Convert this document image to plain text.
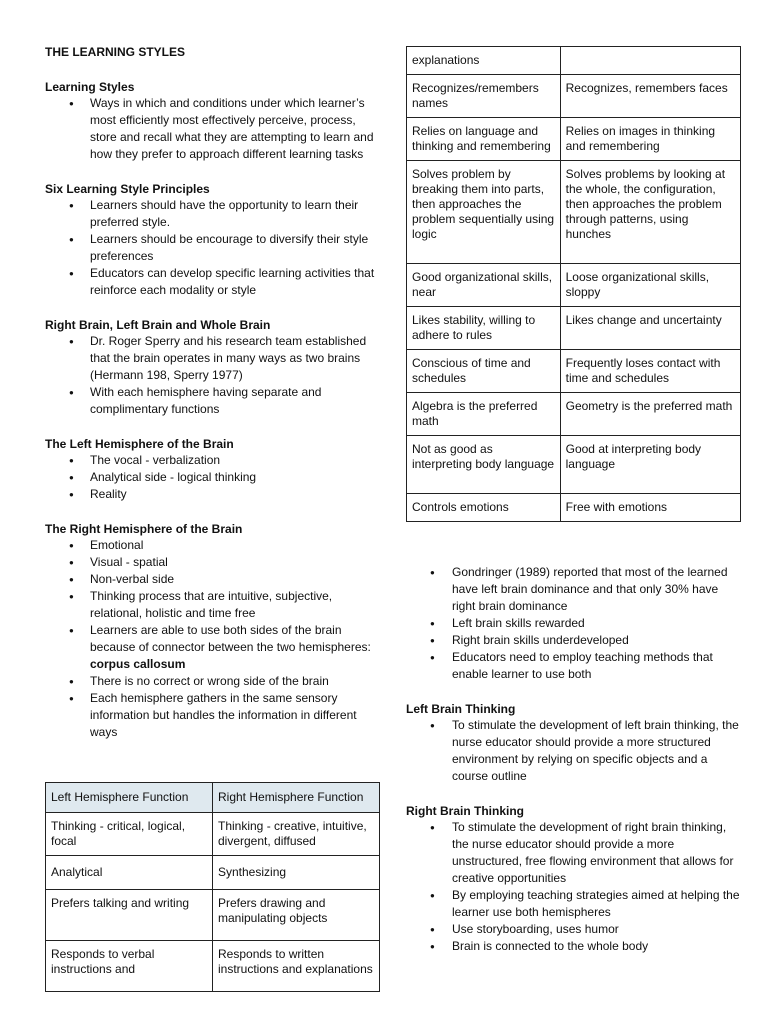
THE LEARNING STYLES
Learning Styles
● Ways in which and conditions under which learner’s most efficiently most effectively perceive, process, store and recall what they are attempting to learn and how they prefer to approach different learning tasks
Six Learning Style Principles
● Learners should have the opportunity to learn their preferred style.
● Learners should be encourage to diversify their style preferences
● Educators can develop specific learning activities that reinforce each modality or style
Right Brain, Left Brain and Whole Brain
● Dr. Roger Sperry and his research team established that the brain operates in many ways as two brains (Hermann 198, Sperry 1977)
● With each hemisphere having separate and complimentary functions
The Left Hemisphere of the Brain
● The vocal - verbalization
● Analytical side - logical thinking
● Reality
The Right Hemisphere of the Brain
● Emotional
● Visual - spatial
● Non-verbal side
● Thinking process that are intuitive, subjective, relational, holistic and time free
● Learners are able to use both sides of the brain because of connector between the two hemispheres: corpus callosum
● There is no correct or wrong side of the brain
● Each hemisphere gathers in the same sensory information but handles the information in different ways
Left Hemisphere Function	Right Hemisphere Function
Thinking - critical, logical, focal	Thinking - creative, intuitive, divergent, diffused
Analytical	Synthesizing
Prefers talking and writing	Prefers drawing and manipulating objects
Responds to verbal instructions and	Responds to written instructions and explanations
explanations	
Recognizes/remembers names	Recognizes, remembers faces
Relies on language and thinking and remembering	Relies on images in thinking and remembering
Solves problem by breaking them into parts, then approaches the problem sequentially using logic	Solves problems by looking at the whole, the configuration, then approaches the problem through patterns, using hunches
Good organizational skills, near	Loose organizational skills, sloppy
Likes stability, willing to adhere to rules	Likes change and uncertainty
Conscious of time and schedules	Frequently loses contact with time and schedules
Algebra is the preferred math	Geometry is the preferred math
Not as good as interpreting body language	Good at interpreting body language
Controls emotions	Free with emotions
● Gondringer (1989) reported that most of the learned have left brain dominance and that only 30% have right brain dominance
● Left brain skills rewarded
● Right brain skills underdeveloped
● Educators need to employ teaching methods that enable learner to use both
Left Brain Thinking
● To stimulate the development of left brain thinking, the nurse educator should provide a more structured environment by relying on specific objects and a course outline
Right Brain Thinking
● To stimulate the development of right brain thinking, the nurse educator should provide a more unstructured, free flowing environment that allows for creative opportunities
● By employing teaching strategies aimed at helping the learner use both hemispheres
● Use storyboarding, uses humor
● Brain is connected to the whole body
